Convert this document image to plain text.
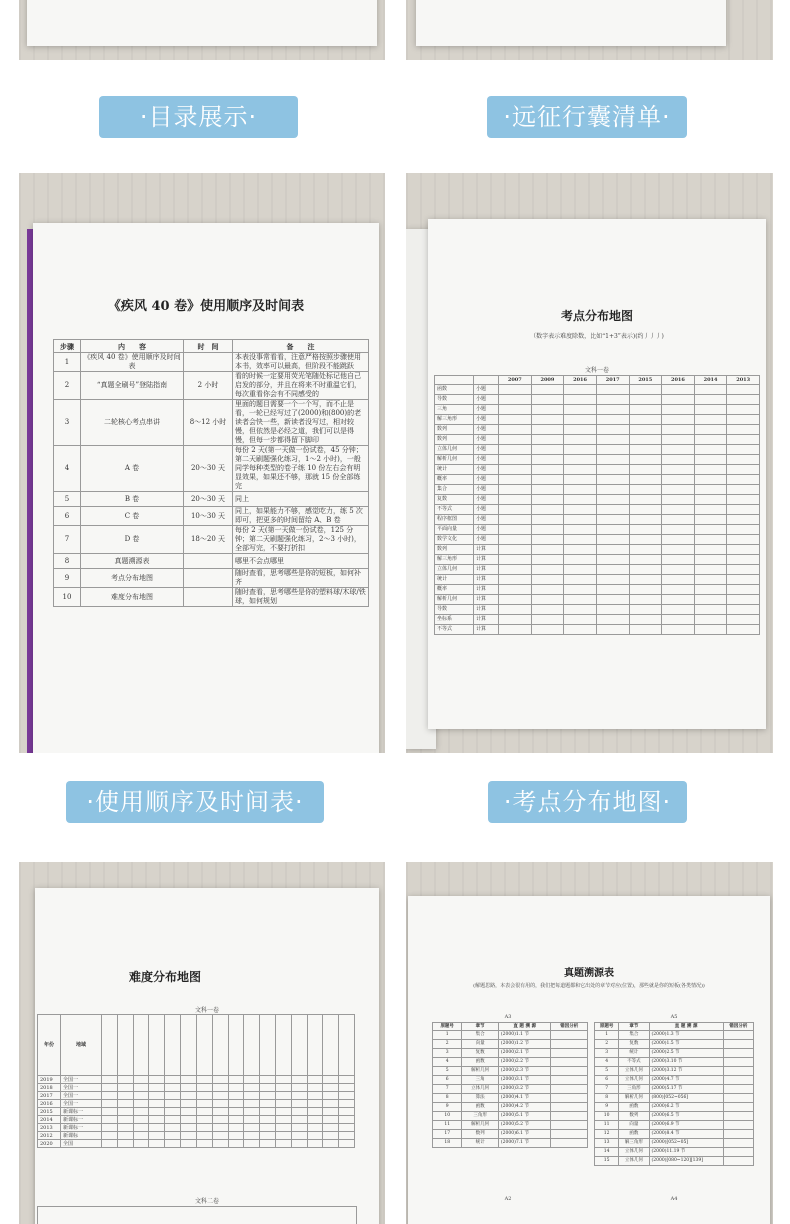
·目录展示·	·远征行囊清单·
《疾风 40 卷》使用顺序及时间表
步骤	内　　容	时　间	备　　注
1	《疾风 40 卷》使用顺序及时间表		本表没事常看看，注意严格按照步骤使用本书，效率可以最高，但阶段不能跳跃
2	“真题全刷号”登陆指南	2 小时	看的时候一定要用荧光笔随处标记他自己启发的部分，并且在将来不时重温它们，每次重看你会有不同感受的
3	二轮核心考点串讲	8～12 小时	里面的题目需要一个一个写，而不止是看，一轮已经写过了(2000)和(800)的老读者会快一些，新读者没写过，相对较慢，但依然是必经之道，我们可以是得慢，但每一步都得留下脚印
4	A 卷	20～30 天	每份 2 天(第一天做一份试卷，45 分钟；第二天刷题强化练习，1～2 小时)，一般同学每种类型的卷子练 10 份左右会有明显效果，如果还不够，那就 15 份全部练完
5	B 卷	20～30 天	同上
6	C 卷	10～30 天	同上，如果能力不够，感觉吃力，练 5 次即可，把更多的时间留给 A、B 卷
7	D 卷	18～20 天	每份 2 天(第一天做一份试卷，125 分钟；第二天刷题强化练习，2～3 小时)，全部写完，不要打折扣
8	真题溯源表		哪里不会点哪里
9	考点分布地图		随时查看，思考哪些是你的短板，如何补齐
10	难度分布地图		随时查看，思考哪些是你的塑料球/木球/铁球，如何规划
考点分布地图
（数字表示难度除数，比如“1+3”表示)(约丿丿丿)
文科一卷
		2007	2009	2016	2017	2015	2016	2014	2013
函数	小题								
导数	小题								
三角	小题								
解三角形	小题								
数列	小题								
数列	小题								
立体几何	小题								
解析几何	小题								
统计	小题								
概率	小题								
集合	小题								
复数	小题								
不等式	小题								
程序框图	小题								
平面向量	小题								
数学文化	小题								
数列	计算								
解三角形	计算								
立体几何	计算								
统计	计算								
概率	计算								
解析几何	计算								
导数	计算								
坐标系	计算								
不等式	计算								
·使用顺序及时间表·	·考点分布地图·
难度分布地图
文科一卷
年份	地域																
2019	全国一																
2018	全国一																
2017	全国一																
2016	全国一																
2015	新课标一																
2014	新课标一																
2013	新课标一																
2012	新课标																
2020	全国																
文科二卷
真题溯源表
(解题思路，本表会很有用的，我们把每道题都和它出处的章节对应(位置)，那些就是你的短板(各类情况))
A3	A5
原题号	章节	直 题 溯 源	错因分析
1	集合	(2000)1.1 节	
2	向量	(2000)1.2 节	
3	复数	(2000)2.1 节	
4	函数	(2000)2.2 节	
5	解析几何	(2000)2.3 节	
6	三角	(2000)3.1 节	
7	立体几何	(2000)3.2 节	
8	算法	(2000)4.1 节	
9	函数	(2000)4.2 节	
10	三角形	(2000)5.1 节	
11	解析几何	(2000)5.2 节	
17	数列	(2000)6.1 节	
18	统计	(2000)7.1 节	
原题号	章节	直 题 溯 源	错因分析
1	集合	(2000)1.3 节	
2	复数	(2000)1.5 节	
3	统计	(2000)2.5 节	
4	不等式	(2000)3.10 节	
5	立体几何	(2000)3.12 节	
6	立体几何	(2000)4.7 节	
7	三角形	(2000)5.17 节	
8	解析几何	(800)[052~056]	
9	函数	(2000)6.2 节	
10	数列	(2000)6.5 节	
11	向量	(2000)6.9 节	
12	函数	(2000)8.4 节	
13	解三角形	(2000)[052~05]	
14	立体几何	(2000)11.19 节	
15	立体几何	(2000)[080~120][139]	
A2	A4
